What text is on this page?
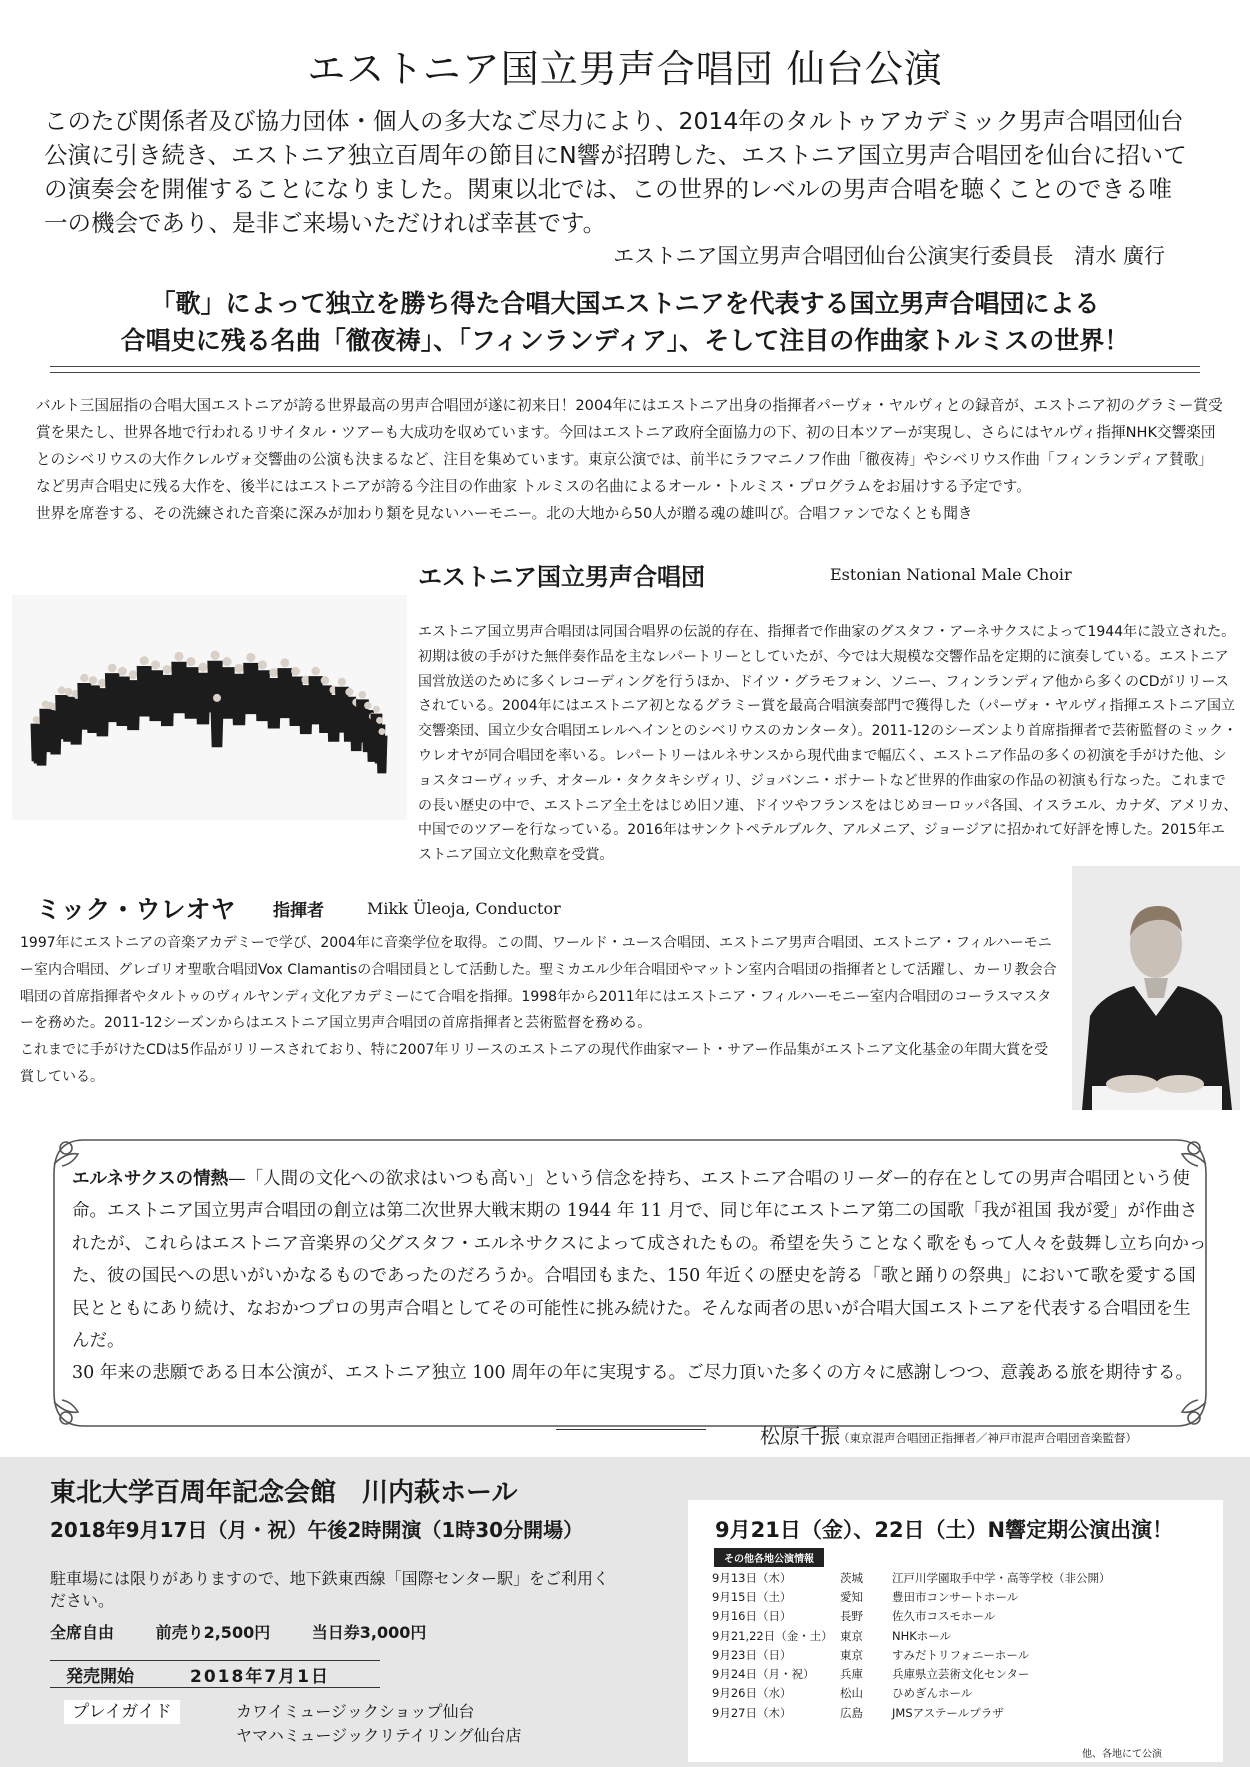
エストニア国立男声合唱団 仙台公演
このたび関係者及び協力団体・個人の多大なご尽力により、2014年のタルトゥアカデミック男声合唱団仙台公演に引き続き、エストニア独立百周年の節目にN響が招聘した、エストニア国立男声合唱団を仙台に招いての演奏会を開催することになりました。関東以北では、この世界的レベルの男声合唱を聴くことのできる唯一の機会であり、是非ご来場いただければ幸甚です。
エストニア国立男声合唱団仙台公演実行委員長　清水 廣行
「歌」によって独立を勝ち得た合唱大国エストニアを代表する国立男声合唱団による
合唱史に残る名曲「徹夜祷」、「フィンランディア」、そして注目の作曲家トルミスの世界！
バルト三国屈指の合唱大国エストニアが誇る世界最高の男声合唱団が遂に初来日！2004年にはエストニア出身の指揮者パーヴォ・ヤルヴィとの録音が、エストニア初のグラミー賞受賞を果たし、世界各地で行われるリサイタル・ツアーも大成功を収めています。今回はエストニア政府全面協力の下、初の日本ツアーが実現し、さらにはヤルヴィ指揮NHK交響楽団とのシベリウスの大作クレルヴォ交響曲の公演も決まるなど、注目を集めています。東京公演では、前半にラフマニノフ作曲「徹夜祷」やシベリウス作曲「フィンランディア賛歌」など男声合唱史に残る大作を、後半にはエストニアが誇る今注目の作曲家 トルミスの名曲によるオール・トルミス・プログラムをお届けする予定です。
世界を席巻する、その洗練された音楽に深みが加わり類を見ないハーモニー。北の大地から50人が贈る魂の雄叫び。合唱ファンでなくとも聞き
エストニア国立男声合唱団	Estonian National Male Choir
エストニア国立男声合唱団は同国合唱界の伝説的存在、指揮者で作曲家のグスタフ・アーネサクスによって1944年に設立された。初期は彼の手がけた無伴奏作品を主なレパートリーとしていたが、今では大規模な交響作品を定期的に演奏している。エストニア国営放送のために多くレコーディングを行うほか、ドイツ・グラモフォン、ソニー、フィンランディア他から多くのCDがリリースされている。2004年にはエストニア初となるグラミー賞を最高合唱演奏部門で獲得した（パーヴォ・ヤルヴィ指揮エストニア国立交響楽団、国立少女合唱団エレルヘインとのシベリウスのカンタータ）。2011-12のシーズンより首席指揮者で芸術監督のミック・ウレオヤが同合唱団を率いる。レパートリーはルネサンスから現代曲まで幅広く、エストニア作品の多くの初演を手がけた他、ショスタコーヴィッチ、オタール・タクタキシヴィリ、ジョバンニ・ボナートなど世界的作曲家の作品の初演も行なった。これまでの長い歴史の中で、エストニア全土をはじめ旧ソ連、ドイツやフランスをはじめヨーロッパ各国、イスラエル、カナダ、アメリカ、中国でのツアーを行なっている。2016年はサンクトペテルブルク、アルメニア、ジョージアに招かれて好評を博した。2015年エストニア国立文化勲章を受賞。
ミック・ウレオヤ 指揮者	Mikk Üleoja, Conductor
1997年にエストニアの音楽アカデミーで学び、2004年に音楽学位を取得。この間、ワールド・ユース合唱団、エストニア男声合唱団、エストニア・フィルハーモニー室内合唱団、グレゴリオ聖歌合唱団Vox Clamantisの合唱団員として活動した。聖ミカエル少年合唱団やマットン室内合唱団の指揮者として活躍し、カーリ教会合唱団の首席指揮者やタルトゥのヴィルヤンディ文化アカデミーにて合唱を指揮。1998年から2011年にはエストニア・フィルハーモニー室内合唱団のコーラスマスターを務めた。2011-12シーズンからはエストニア国立男声合唱団の首席指揮者と芸術監督を務める。
これまでに手がけたCDは5作品がリリースされており、特に2007年リリースのエストニアの現代作曲家マート・サアー作品集がエストニア文化基金の年間大賞を受賞している。
エルネサクスの情熱—「人間の文化への欲求はいつも高い」という信念を持ち、エストニア合唱のリーダー的存在としての男声合唱団という使命。エストニア国立男声合唱団の創立は第二次世界大戦末期の 1944 年 11 月で、同じ年にエストニア第二の国歌「我が祖国 我が愛」が作曲されたが、これらはエストニア音楽界の父グスタフ・エルネサクスによって成されたもの。希望を失うことなく歌をもって人々を鼓舞し立ち向かった、彼の国民への思いがいかなるものであったのだろうか。合唱団もまた、150 年近くの歴史を誇る「歌と踊りの祭典」において歌を愛する国民とともにあり続け、なおかつプロの男声合唱としてその可能性に挑み続けた。そんな両者の思いが合唱大国エストニアを代表する合唱団を生んだ。
30 年来の悲願である日本公演が、エストニア独立 100 周年の年に実現する。ご尽力頂いた多くの方々に感謝しつつ、意義ある旅を期待する。
松原千振
（東京混声合唱団正指揮者／神戸市混声合唱団音楽監督）
東北大学百周年記念会館　川内萩ホール
2018年9月17日（月・祝）午後2時開演（1時30分開場）
駐車場には限りがありますので、地下鉄東西線「国際センター駅」をご利用ください。
全席自由	前売り2,500円	当日券3,000円
発売開始	2018年7月1日
プレイガイド	カワイミュージックショップ仙台
ヤマハミュージックリテイリング仙台店
9月21日（金）、22日（土）N響定期公演出演！
その他各地公演情報
9月13日（木）	茨城	江戸川学園取手中学・高等学校（非公開）
9月15日（土）	愛知	豊田市コンサートホール
9月16日（日）	長野	佐久市コスモホール
9月21,22日（金・土）	東京	NHKホール
9月23日（日）	東京	すみだトリフォニーホール
9月24日（月・祝）	兵庫	兵庫県立芸術文化センター
9月26日（水）	松山	ひめぎんホール
9月27日（木）	広島	JMSアステールプラザ
他、各地にて公演
